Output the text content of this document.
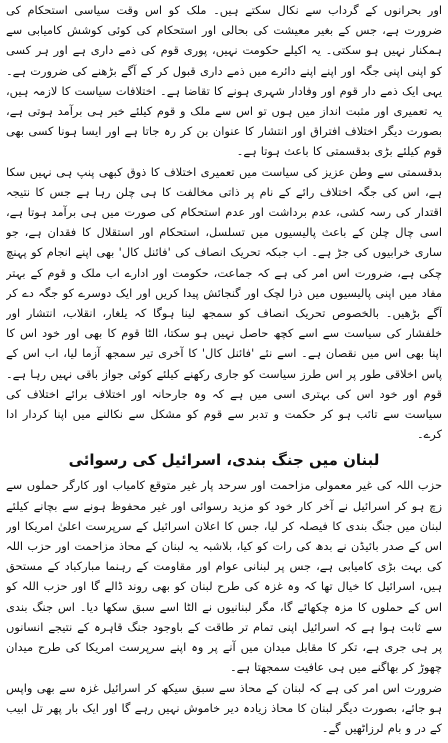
اور بحرانوں کے گرداب سے نکال سکتے ہیں۔ ملک کو اس وقت سیاسی استحکام کی ضرورت ہے، جس کے بغیر معیشت کی بحالی اور استحکام کی کوئی کوشش کامیابی سے ہمکنار نہیں ہو سکتی۔ یہ اکیلے حکومت نہیں، پوری قوم کی ذمے داری ہے اور ہر کسی کو اپنی اپنی جگہ اور اپنے اپنے دائرے میں ذمے داری قبول کر کے آگے بڑھنے کی ضرورت ہے۔ یہی ایک ذمے دار قوم اور وفادار شہری ہونے کا تقاضا ہے۔ اختلافات سیاست کا لازمہ ہیں، یہ تعمیری اور مثبت انداز میں ہوں تو اس سے ملک و قوم کیلئے خیر ہی برآمد ہوتی ہے، بصورت دیگر اختلاف افتراق اور انتشار کا عنوان بن کر رہ جاتا ہے اور ایسا ہونا کسی بھی قوم کیلئے بڑی بدقسمتی کا باعث ہوتا ہے۔

بدقسمتی سے وطن عزیز کی سیاست میں تعمیری اختلاف کا ذوق کبھی پنپ ہی نہیں سکا ہے، اس کی جگہ اختلاف رائے کے نام پر ذاتی مخالفت کا ہی چلن رہا ہے جس کا نتیجہ اقتدار کی رسہ کشی، عدم برداشت اور عدم استحکام کی صورت میں ہی برآمد ہوتا ہے، اسی چال چلن کے باعث پالیسیوں میں تسلسل، استحکام اور استقلال کا فقدان ہے، جو ساری خرابیوں کی جڑ ہے۔ اب جبکہ تحریک انصاف کی 'فائنل کال' بھی اپنے انجام کو پہنچ چکی ہے، ضرورت اس امر کی ہے کہ جماعت، حکومت اور ادارے اب ملک و قوم کے بہتر مفاد میں اپنی پالیسیوں میں ذرا لچک اور گنجائش پیدا کریں اور ایک دوسرے کو جگہ دے کر آگے بڑھیں۔ بالخصوص تحریک انصاف کو سمجھ لینا ہوگا کہ یلغار، انقلاب، انتشار اور خلفشار کی سیاست سے اسے کچھ حاصل نہیں ہو سکتا، الٹا قوم کا بھی اور خود اس کا اپنا بھی اس میں نقصان ہے۔ اسے نئے 'فائنل کال' کا آخری تیر سمجھ آزما لیا، اب اس کے پاس اخلاقی طور پر اس طرز سیاست کو جاری رکھنے کیلئے کوئی جواز باقی نہیں رہا ہے۔ قوم اور خود اس کی بہتری اسی میں ہے کہ وہ جارحانہ اور اختلاف برائے اختلاف کی سیاست سے تائب ہو کر حکمت و تدبر سے قوم کو مشکل سے نکالنے میں اپنا کردار ادا کرے۔

لبنان میں جنگ بندی، اسرائیل کی رسوائی

حزب اللہ کی غیر معمولی مزاحمت اور سرحد پار غیر متوقع کامیاب اور کارگر حملوں سے زچ ہو کر اسرائیل نے آخر کار خود کو مزید رسوائی اور غیر محفوظ ہونے سے بچانے کیلئے لبنان میں جنگ بندی کا فیصلہ کر لیا، جس کا اعلان اسرائیل کے سرپرست اعلیٰ امریکا اور اس کے صدر بائیڈن نے بدھ کی رات کو کیا، بلاشبہ یہ لبنان کے محاذ مزاحمت اور حزب اللہ کی بہت بڑی کامیابی ہے، جس پر لبنانی عوام اور مقاومت کے رہنما مبارکباد کے مستحق ہیں، اسرائیل کا خیال تھا کہ وہ غزہ کی طرح لبنان کو بھی روند ڈالے گا اور حزب اللہ کو اس کے حملوں کا مزہ چکھائے گا، مگر لبنانیوں نے الٹا اسے سبق سکھا دیا۔ اس جنگ بندی سے ثابت ہوا ہے کہ اسرائیل اپنی تمام تر طاقت کے باوجود جنگ قاہرہ کے نتیجے انسانوں پر ہی جری ہے، تکر کا مقابل میدان میں آنے پر وہ اپنے سرپرست امریکا کی طرح میدان چھوڑ کر بھاگنے میں ہی عافیت سمجھتا ہے۔

ضرورت اس امر کی ہے کہ لبنان کے محاذ سے سبق سیکھ کر اسرائیل غزہ سے بھی واپس ہو جائے، بصورت دیگر لبنان کا محاذ زیادہ دیر خاموش نہیں رہے گا اور ایک بار پھر تل ابیب کے در و بام لرزاٹھیں گے۔
